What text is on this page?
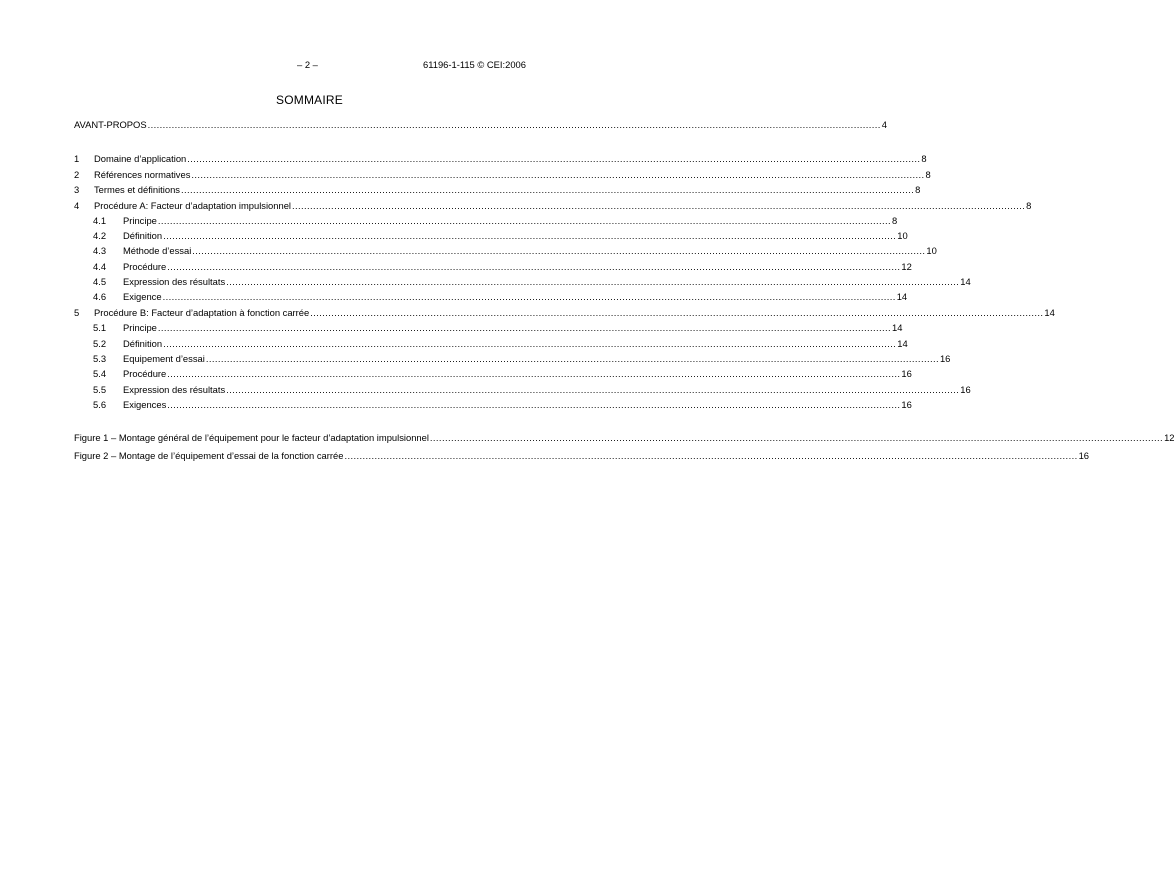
– 2 –	61196-1-115 © CEI:2006
SOMMAIRE
AVANT-PROPOS .................................................................................................................................................................................................................................................... 4
1	Domaine d’application .................................................................................................................................................................................................................................................... 8
2	Références normatives .................................................................................................................................................................................................................................................... 8
3	Termes et définitions .................................................................................................................................................................................................................................................... 8
4	Procédure A: Facteur d’adaptation impulsionnel .................................................................................................................................................................................................................................................... 8
4.1	Principe .................................................................................................................................................................................................................................................... 8
4.2	Définition .................................................................................................................................................................................................................................................... 10
4.3	Méthode d’essai .................................................................................................................................................................................................................................................... 10
4.4	Procédure .................................................................................................................................................................................................................................................... 12
4.5	Expression des résultats .................................................................................................................................................................................................................................................... 14
4.6	Exigence .................................................................................................................................................................................................................................................... 14
5	Procédure B: Facteur d’adaptation à fonction carrée .................................................................................................................................................................................................................................................... 14
5.1	Principe .................................................................................................................................................................................................................................................... 14
5.2	Définition .................................................................................................................................................................................................................................................... 14
5.3	Equipement d’essai .................................................................................................................................................................................................................................................... 16
5.4	Procédure .................................................................................................................................................................................................................................................... 16
5.5	Expression des résultats .................................................................................................................................................................................................................................................... 16
5.6	Exigences .................................................................................................................................................................................................................................................... 16
Figure 1 – Montage général de l’équipement pour le facteur d’adaptation impulsionnel .................................................................................................................................................................................................................................................... 12
Figure 2 – Montage de l’équipement d’essai de la fonction carrée .................................................................................................................................................................................................................................................... 16
